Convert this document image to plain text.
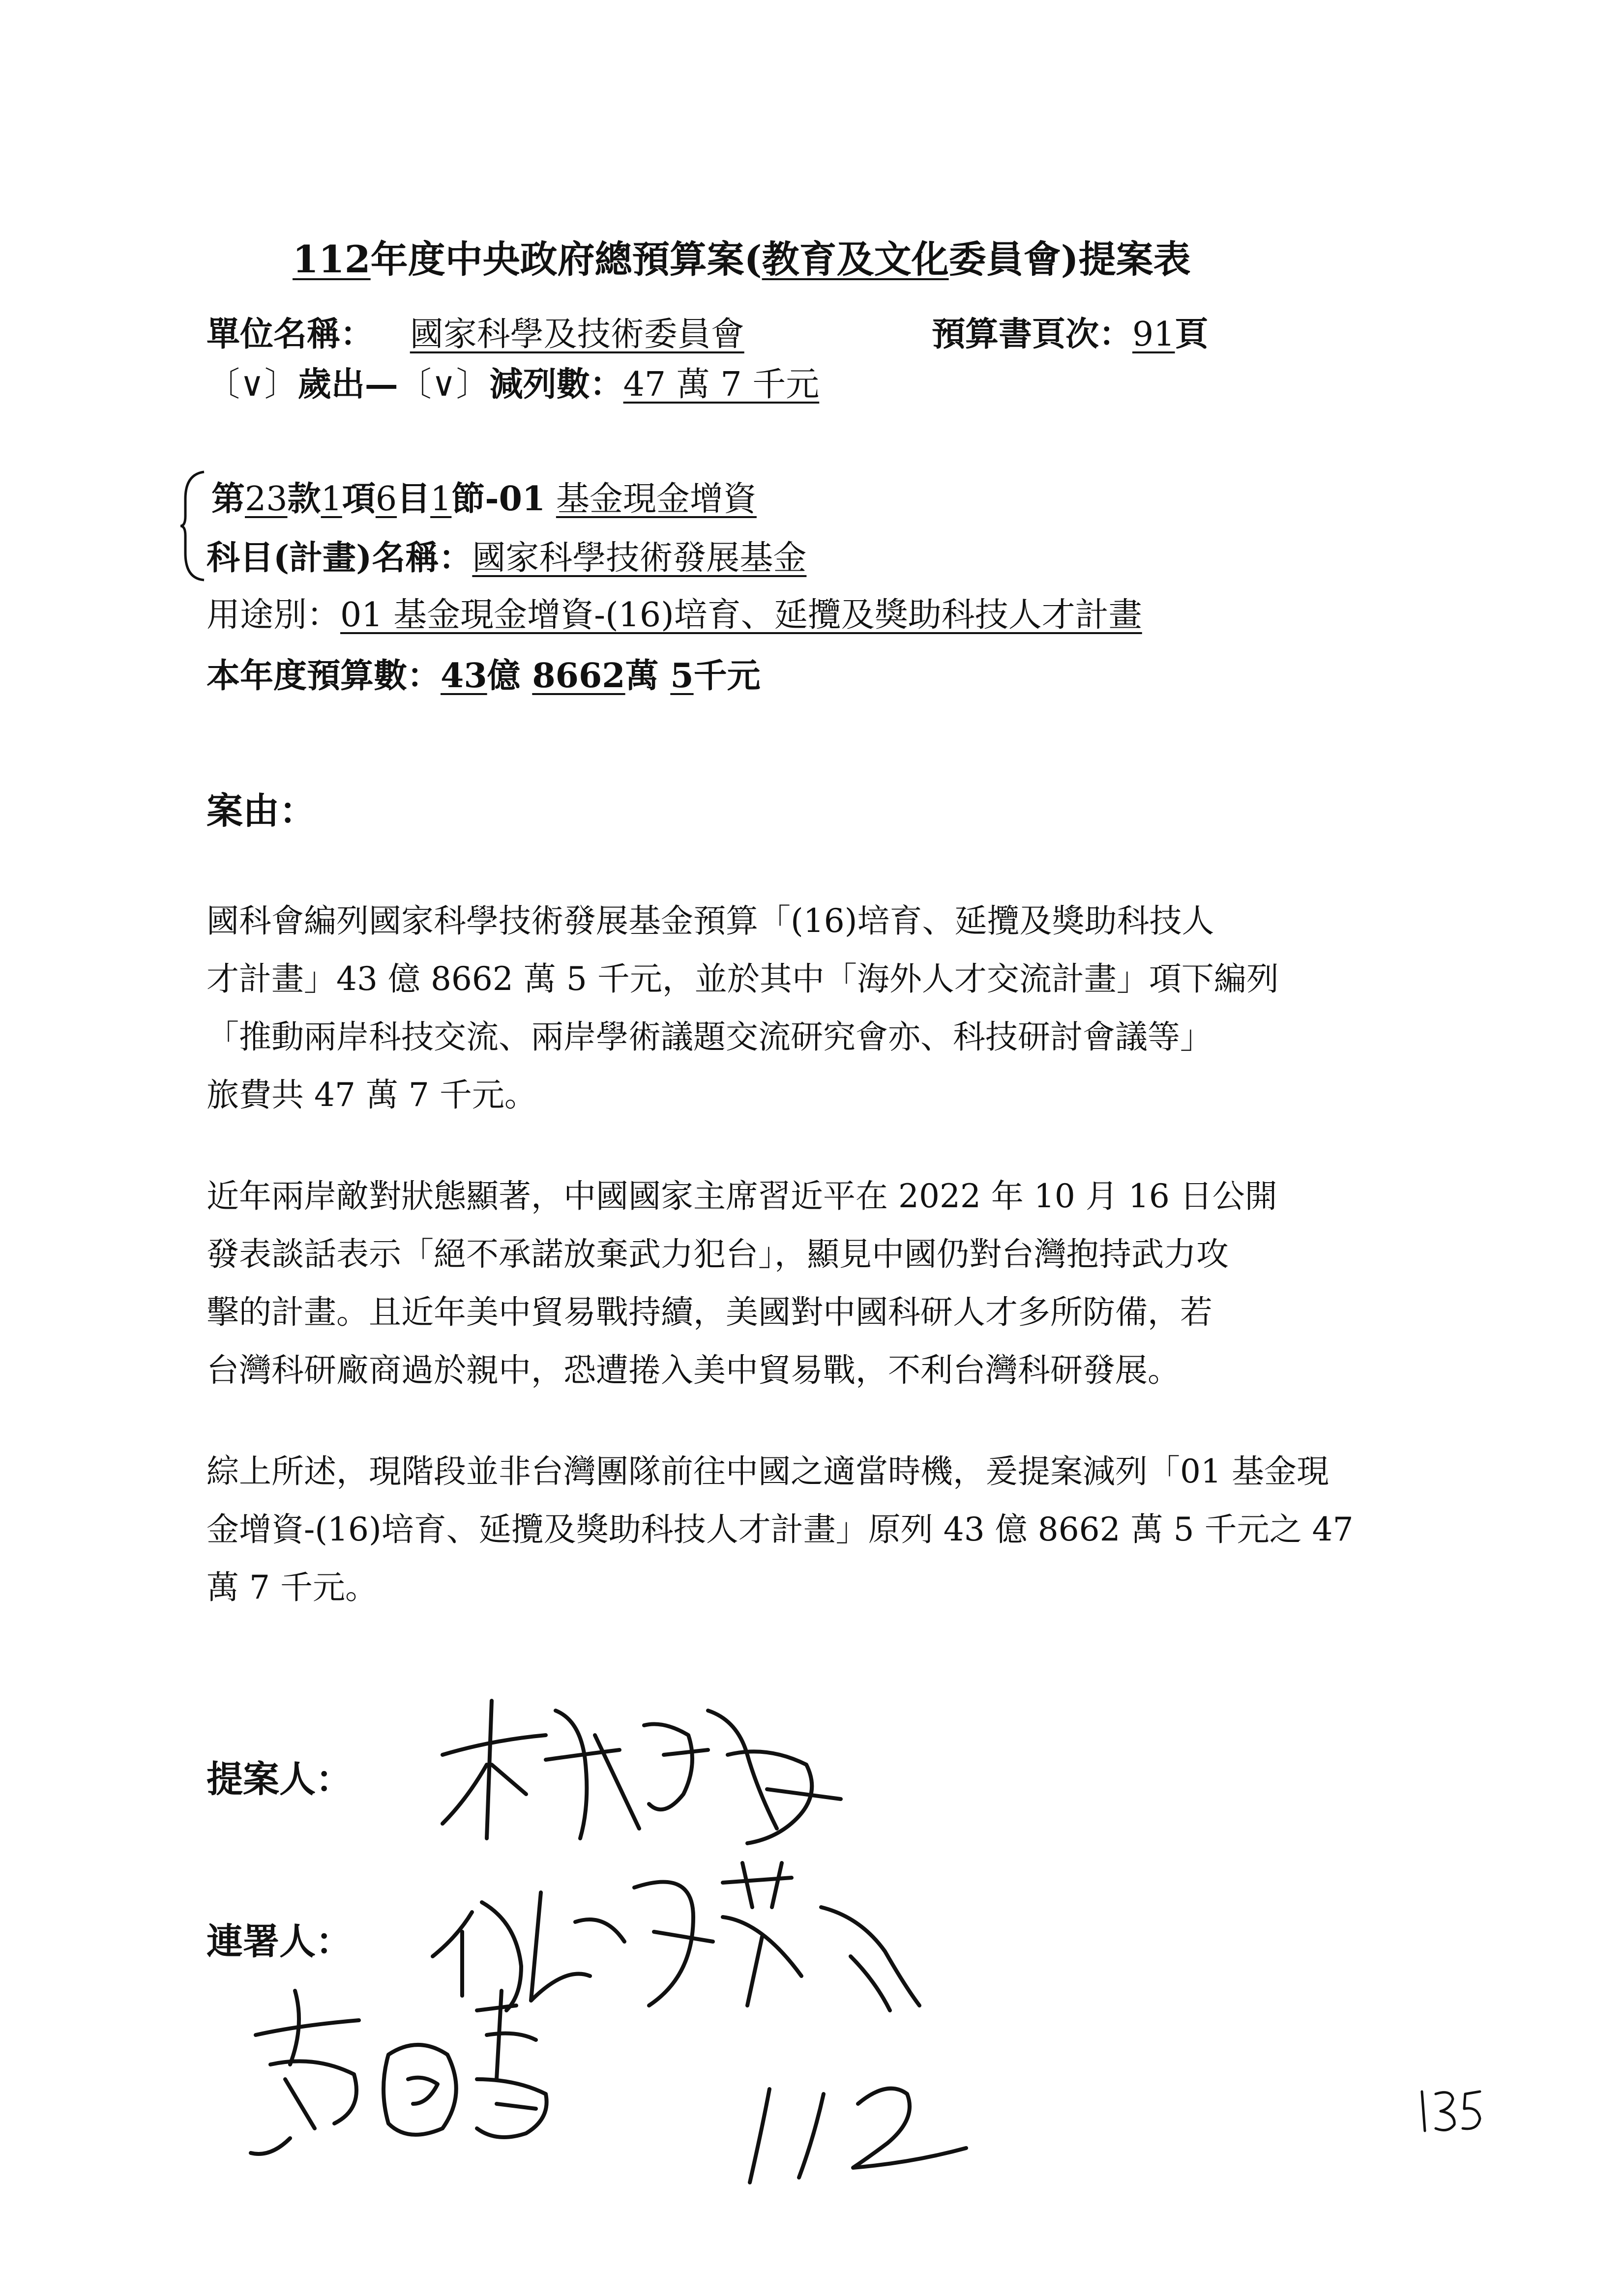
112年度中央政府總預算案(教育及文化委員會)提案表
單位名稱： 國家科學及技術委員會	預算書頁次：91頁
〔∨〕歲出—〔∨〕減列數：47 萬 7 千元
第23款1項6目1節-01 基金現金增資
科目(計畫)名稱：國家科學技術發展基金
用途別：01 基金現金增資-(16)培育、延攬及獎助科技人才計畫
本年度預算數：43億 8662萬 5千元
案由：
國科會編列國家科學技術發展基金預算「(16)培育、延攬及獎助科技人
才計畫」43 億 8662 萬 5 千元，並於其中「海外人才交流計畫」項下編列
「推動兩岸科技交流、兩岸學術議題交流研究會亦、科技研討會議等」
旅費共 47 萬 7 千元。
近年兩岸敵對狀態顯著，中國國家主席習近平在 2022 年 10 月 16 日公開
發表談話表示「絕不承諾放棄武力犯台」，顯見中國仍對台灣抱持武力攻
擊的計畫。且近年美中貿易戰持續，美國對中國科研人才多所防備，若
台灣科研廠商過於親中，恐遭捲入美中貿易戰，不利台灣科研發展。
綜上所述，現階段並非台灣團隊前往中國之適當時機，爰提案減列「01 基金現
金增資-(16)培育、延攬及獎助科技人才計畫」原列 43 億 8662 萬 5 千元之 47
萬 7 千元。
提案人：
連署人：
